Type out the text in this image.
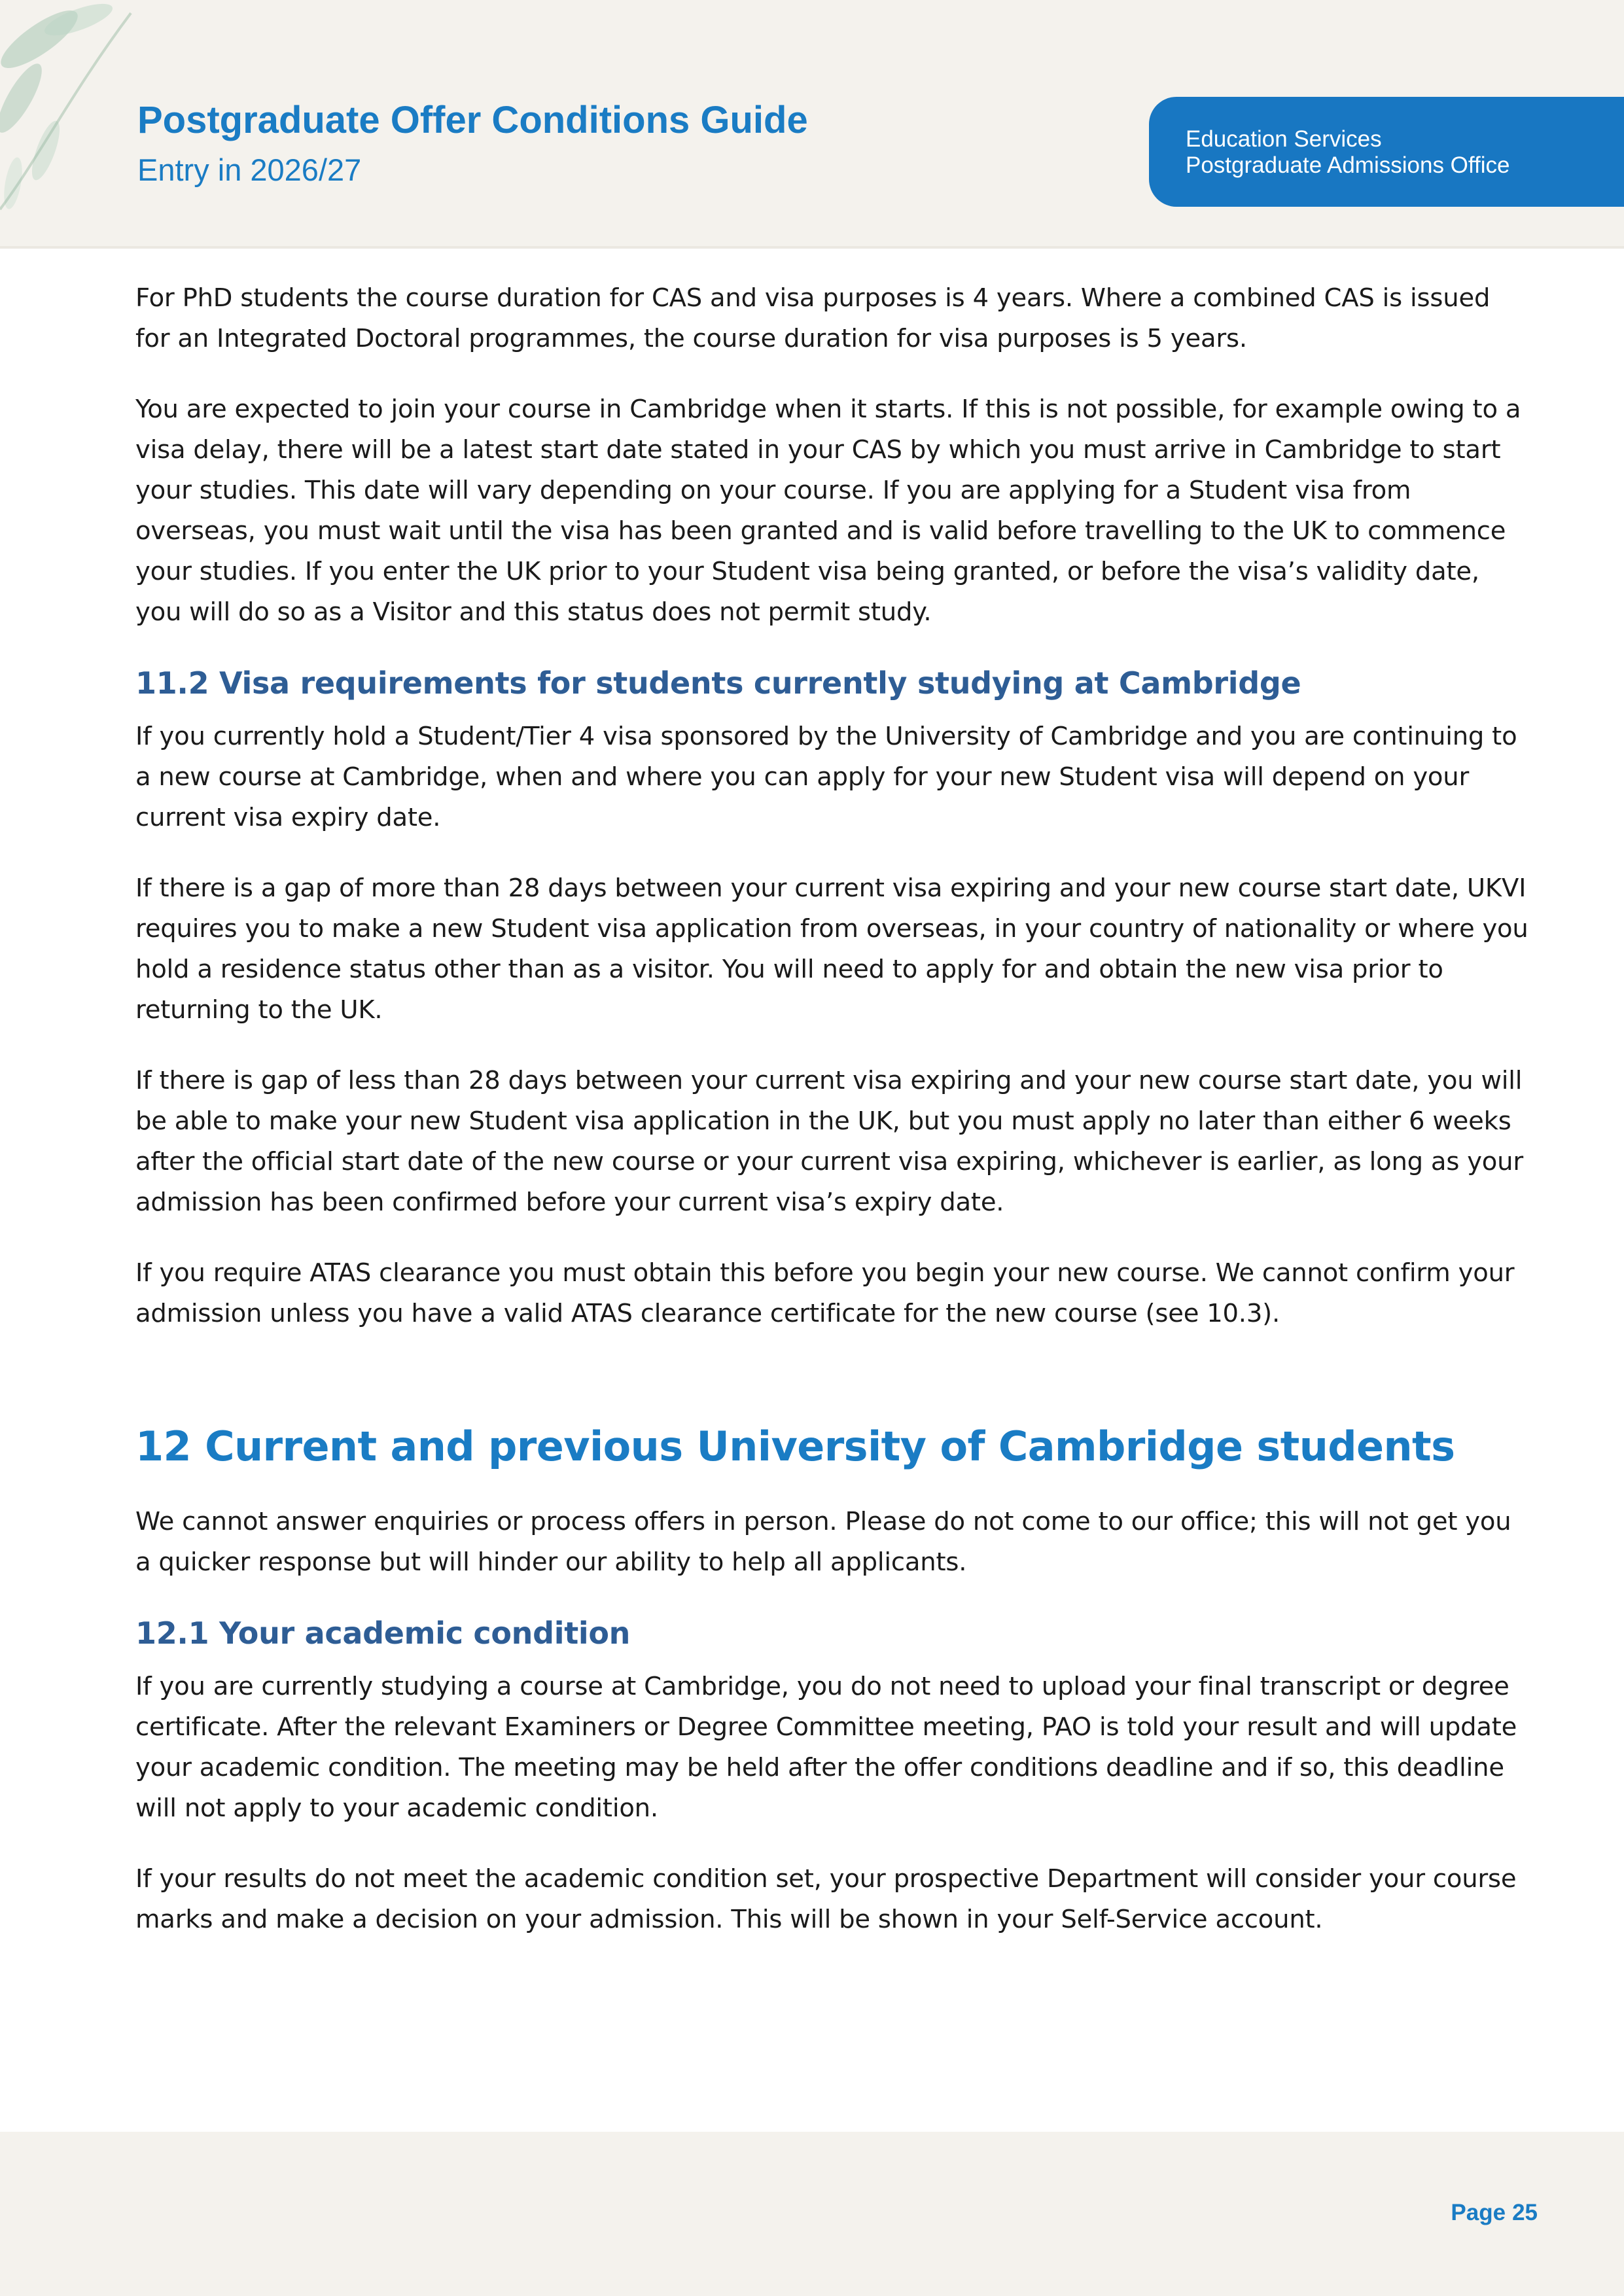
Postgraduate Offer Conditions Guide
Entry in 2026/27
Education Services
Postgraduate Admissions Office

For PhD students the course duration for CAS and visa purposes is 4 years. Where a combined CAS is issued for an Integrated Doctoral programmes, the course duration for visa purposes is 5 years.

You are expected to join your course in Cambridge when it starts. If this is not possible, for example owing to a visa delay, there will be a latest start date stated in your CAS by which you must arrive in Cambridge to start your studies. This date will vary depending on your course. If you are applying for a Student visa from overseas, you must wait until the visa has been granted and is valid before travelling to the UK to commence your studies. If you enter the UK prior to your Student visa being granted, or before the visa’s validity date, you will do so as a Visitor and this status does not permit study.

11.2 Visa requirements for students currently studying at Cambridge

If you currently hold a Student/Tier 4 visa sponsored by the University of Cambridge and you are continuing to a new course at Cambridge, when and where you can apply for your new Student visa will depend on your current visa expiry date.

If there is a gap of more than 28 days between your current visa expiring and your new course start date, UKVI requires you to make a new Student visa application from overseas, in your country of nationality or where you hold a residence status other than as a visitor. You will need to apply for and obtain the new visa prior to returning to the UK.

If there is gap of less than 28 days between your current visa expiring and your new course start date, you will be able to make your new Student visa application in the UK, but you must apply no later than either 6 weeks after the official start date of the new course or your current visa expiring, whichever is earlier, as long as your admission has been confirmed before your current visa’s expiry date.

If you require ATAS clearance you must obtain this before you begin your new course. We cannot confirm your admission unless you have a valid ATAS clearance certificate for the new course (see 10.3).

12 Current and previous University of Cambridge students

We cannot answer enquiries or process offers in person. Please do not come to our office; this will not get you a quicker response but will hinder our ability to help all applicants.

12.1 Your academic condition

If you are currently studying a course at Cambridge, you do not need to upload your final transcript or degree certificate. After the relevant Examiners or Degree Committee meeting, PAO is told your result and will update your academic condition. The meeting may be held after the offer conditions deadline and if so, this deadline will not apply to your academic condition.

If your results do not meet the academic condition set, your prospective Department will consider your course marks and make a decision on your admission. This will be shown in your Self-Service account.

Page 25
